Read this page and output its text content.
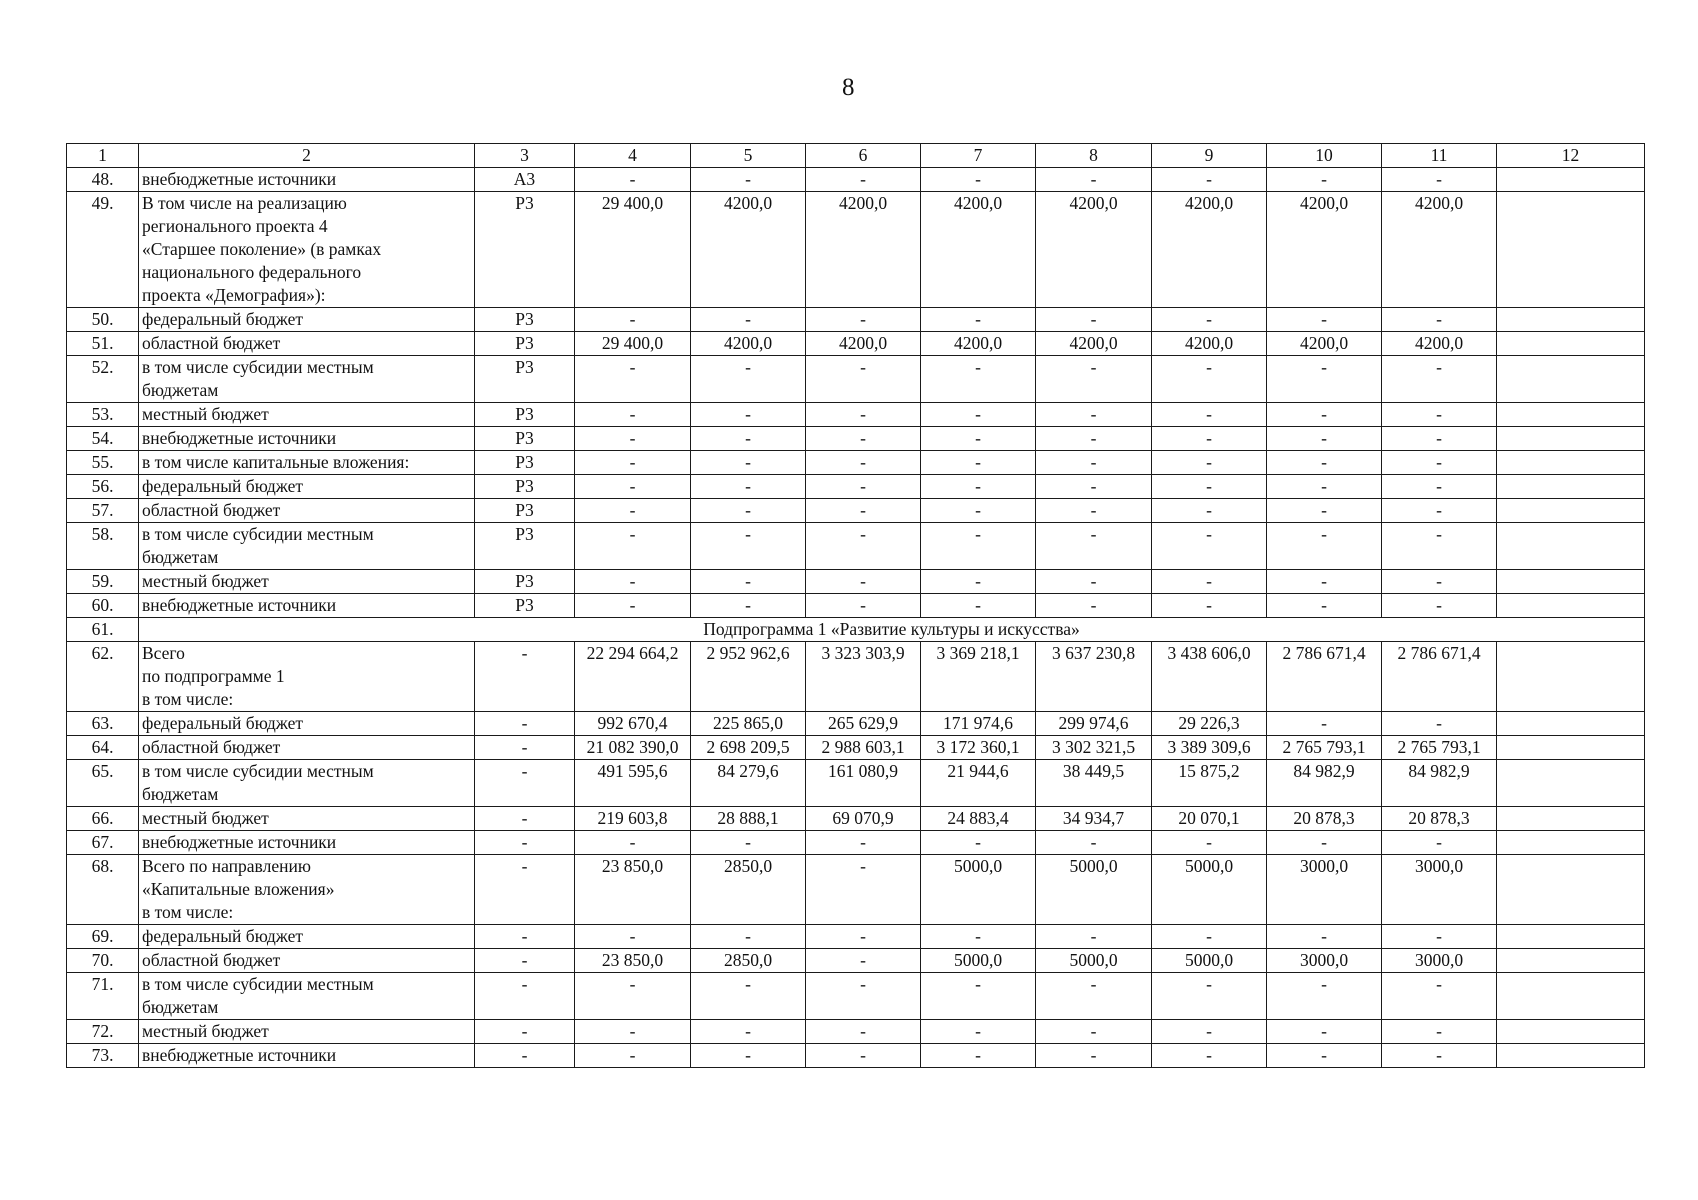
8
1	2	3	4	5	6	7	8	9	10	11	12
48.	внебюджетные источники	А3	-	-	-	-	-	-	-	-	
49.	В том числе на реализацию
регионального проекта 4
«Старшее поколение» (в рамках
национального федерального
проекта «Демография»):	Р3	29 400,0	4200,0	4200,0	4200,0	4200,0	4200,0	4200,0	4200,0	
50.	федеральный бюджет	Р3	-	-	-	-	-	-	-	-	
51.	областной бюджет	Р3	29 400,0	4200,0	4200,0	4200,0	4200,0	4200,0	4200,0	4200,0	
52.	в том числе субсидии местным
бюджетам	Р3	-	-	-	-	-	-	-	-	
53.	местный бюджет	Р3	-	-	-	-	-	-	-	-	
54.	внебюджетные источники	Р3	-	-	-	-	-	-	-	-	
55.	в том числе капитальные вложения:	Р3	-	-	-	-	-	-	-	-	
56.	федеральный бюджет	Р3	-	-	-	-	-	-	-	-	
57.	областной бюджет	Р3	-	-	-	-	-	-	-	-	
58.	в том числе субсидии местным
бюджетам	Р3	-	-	-	-	-	-	-	-	
59.	местный бюджет	Р3	-	-	-	-	-	-	-	-	
60.	внебюджетные источники	Р3	-	-	-	-	-	-	-	-	
61.	Подпрограмма 1 «Развитие культуры и искусства»										
62.	Всего
по подпрограмме 1
в том числе:	-	22 294 664,2	2 952 962,6	3 323 303,9	3 369 218,1	3 637 230,8	3 438 606,0	2 786 671,4	2 786 671,4	
63.	федеральный бюджет	-	992 670,4	225 865,0	265 629,9	171 974,6	299 974,6	29 226,3	-	-	
64.	областной бюджет	-	21 082 390,0	2 698 209,5	2 988 603,1	3 172 360,1	3 302 321,5	3 389 309,6	2 765 793,1	2 765 793,1	
65.	в том числе субсидии местным
бюджетам	-	491 595,6	84 279,6	161 080,9	21 944,6	38 449,5	15 875,2	84 982,9	84 982,9	
66.	местный бюджет	-	219 603,8	28 888,1	69 070,9	24 883,4	34 934,7	20 070,1	20 878,3	20 878,3	
67.	внебюджетные источники	-	-	-	-	-	-	-	-	-	
68.	Всего по направлению
«Капитальные вложения»
в том числе:	-	23 850,0	2850,0	-	5000,0	5000,0	5000,0	3000,0	3000,0	
69.	федеральный бюджет	-	-	-	-	-	-	-	-	-	
70.	областной бюджет	-	23 850,0	2850,0	-	5000,0	5000,0	5000,0	3000,0	3000,0	
71.	в том числе субсидии местным
бюджетам	-	-	-	-	-	-	-	-	-	
72.	местный бюджет	-	-	-	-	-	-	-	-	-	
73.	внебюджетные источники	-	-	-	-	-	-	-	-	-	
